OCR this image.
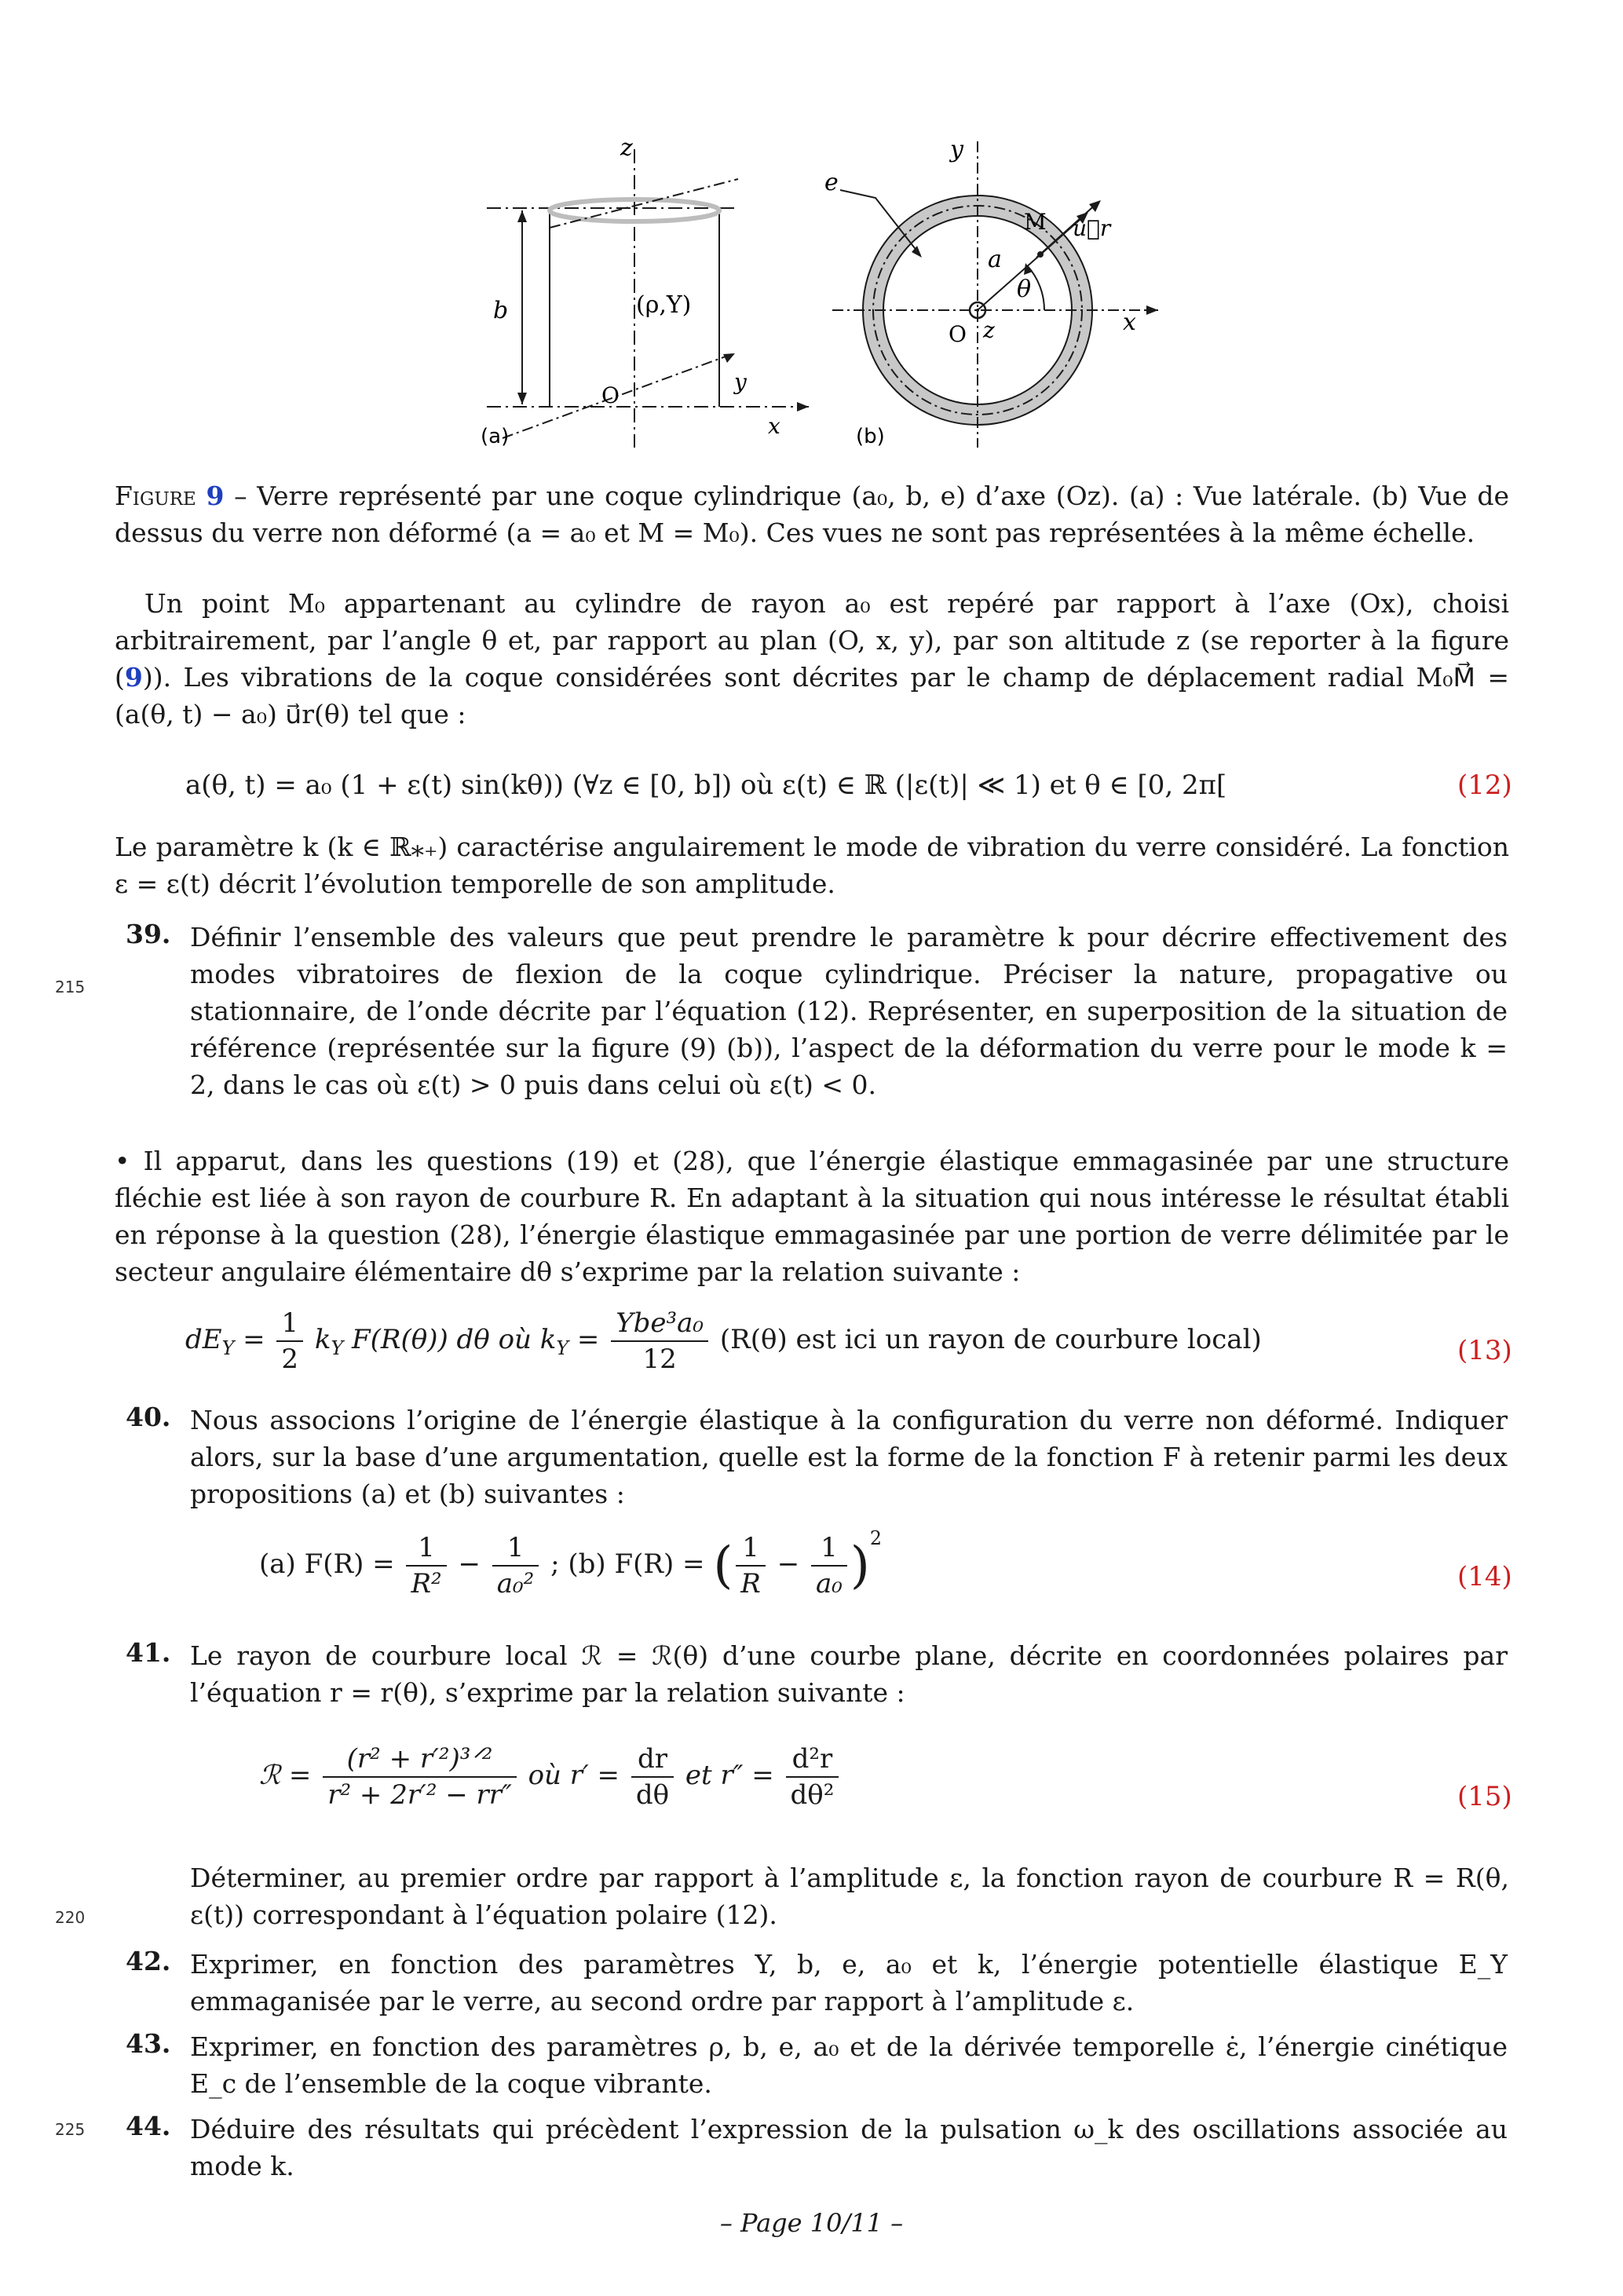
z
b	(ρ,Y)
O
y
x
(a)
y
e
M u⃗r
a
θ
O z	x
(b)
Figure 9 – Verre représenté par une coque cylindrique (a₀, b, e) d’axe (Oz). (a) : Vue latérale. (b) Vue de dessus du verre non déformé (a = a₀ et M = M₀). Ces vues ne sont pas représentées à la même échelle.
Un point M₀ appartenant au cylindre de rayon a₀ est repéré par rapport à l’axe (Ox), choisi arbitrairement, par l’angle θ et, par rapport au plan (O, x, y), par son altitude z (se reporter à la figure (9)). Les vibrations de la coque considérées sont décrites par le champ de déplacement radial M₀M⃗ = (a(θ, t) − a₀) u⃗r(θ) tel que :
a(θ, t) = a₀ (1 + ε(t) sin(kθ)) (∀z ∈ [0, b]) où ε(t) ∈ ℝ (|ε(t)| ≪ 1) et θ ∈ [0, 2π[	(12)
Le paramètre k (k ∈ ℝ⁎₊) caractérise angulairement le mode de vibration du verre considéré. La fonction ε = ε(t) décrit l’évolution temporelle de son amplitude.
215
39. Définir l’ensemble des valeurs que peut prendre le paramètre k pour décrire effectivement des modes vibratoires de flexion de la coque cylindrique. Préciser la nature, propagative ou stationnaire, de l’onde décrite par l’équation (12). Représenter, en superposition de la situation de référence (représentée sur la figure (9) (b)), l’aspect de la déformation du verre pour le mode k = 2, dans le cas où ε(t) > 0 puis dans celui où ε(t) < 0.
• Il apparut, dans les questions (19) et (28), que l’énergie élastique emmagasinée par une structure fléchie est liée à son rayon de courbure R. En adaptant à la situation qui nous intéresse le résultat établi en réponse à la question (28), l’énergie élastique emmagasinée par une portion de verre délimitée par le secteur angulaire élémentaire dθ s’exprime par la relation suivante :
$dE_Y = \frac{1}{2} k_Y$ F(R(θ)) dθ où $k_Y = \frac{\text{Ybe³a₀}}{12} (R(\theta)$ est ici un rayon de courbure local)	(13)
40. Nous associons l’origine de l’énergie élastique à la configuration du verre non déformé. Indiquer alors, sur la base d’une argumentation, quelle est la forme de la fonction F à retenir parmi les deux propositions (a) et (b) suivantes :
(a) $F(R) = \frac{1}{\text{R²}} - \frac{1}{\text{a₀²}}$ ; (b) F(R) = ( $\frac{1}{R} - \frac{1}{\text{a₀}} )^2$
(14)
41. Le rayon de courbure local ℛ = ℛ(θ) d’une courbe plane, décrite en coordonnées polaires par l’équation r = r(θ), s’exprime par la relation suivante :
ℛ = $\frac{\text{(r² + r′²)³ᐟ²}}{\text{r² + 2r′² − rr″}}$ où $r' = \frac{dr}{d\theta}$ et $r'' = \frac{\text{d²r}}{\text{dθ²}}$	(15)
Déterminer, au premier ordre par rapport à l’amplitude ε, la fonction rayon de courbure R = R(θ, ε(t)) correspondant à l’équation polaire (12).
220
42. Exprimer, en fonction des paramètres Y, b, e, a₀ et k, l’énergie potentielle élastique E_Y emmaganisée par le verre, au second ordre par rapport à l’amplitude ε.
43. Exprimer, en fonction des paramètres ρ, b, e, a₀ et de la dérivée temporelle ε̇, l’énergie cinétique E_c de l’ensemble de la coque vibrante.
225 44. Déduire des résultats qui précèdent l’expression de la pulsation ω_k des oscillations associée au mode k.
– Page 10/11 –
